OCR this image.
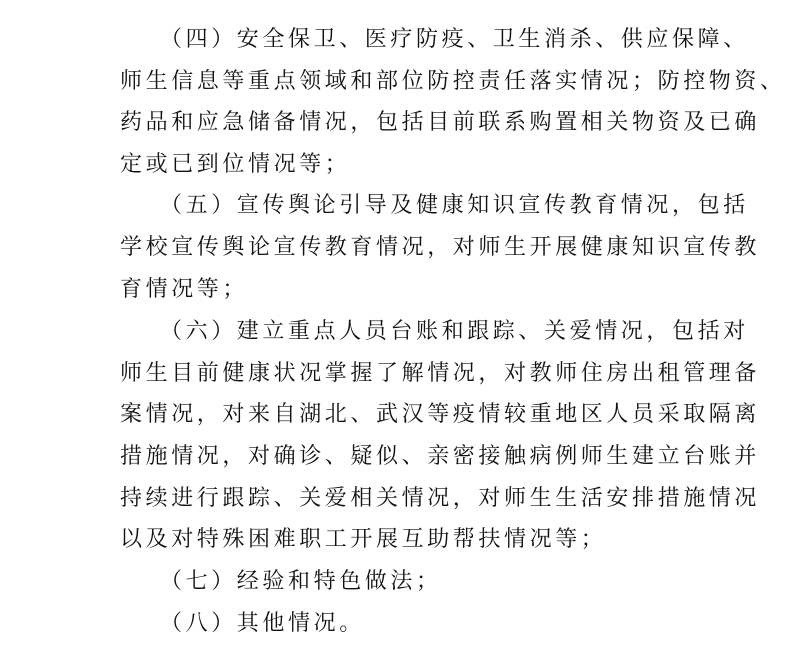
（四）安全保卫、医疗防疫、卫生消杀、供应保障、
师生信息等重点领域和部位防控责任落实情况；防控物资、
药品和应急储备情况，包括目前联系购置相关物资及已确
定或已到位情况等；
（五）宣传舆论引导及健康知识宣传教育情况，包括
学校宣传舆论宣传教育情况，对师生开展健康知识宣传教
育情况等；
（六）建立重点人员台账和跟踪、关爱情况，包括对
师生目前健康状况掌握了解情况，对教师住房出租管理备
案情况，对来自湖北、武汉等疫情较重地区人员采取隔离
措施情况，对确诊、疑似、亲密接触病例师生建立台账并
持续进行跟踪、关爱相关情况，对师生生活安排措施情况
以及对特殊困难职工开展互助帮扶情况等；
（七）经验和特色做法；
（八）其他情况。
